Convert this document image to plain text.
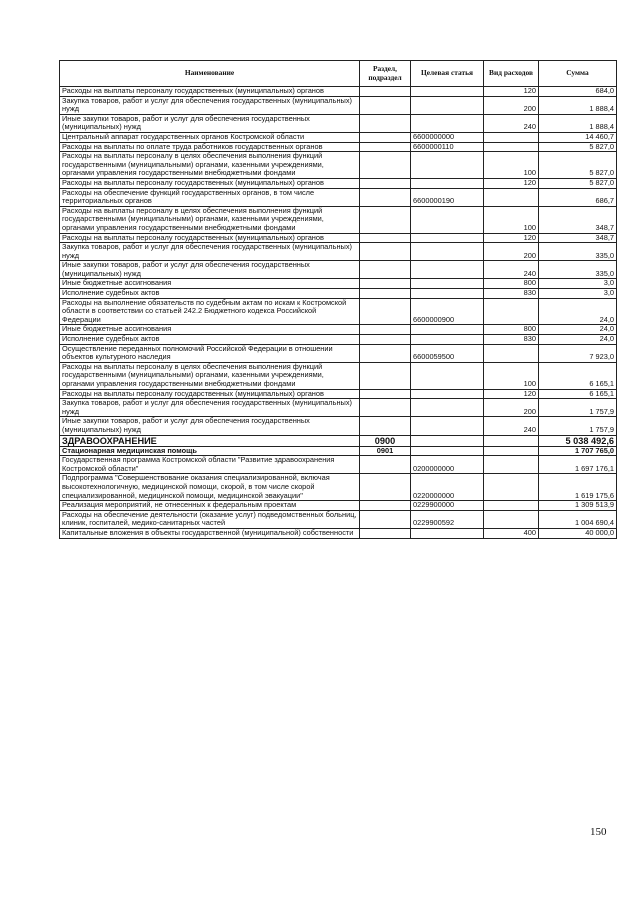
Наименование	Раздел, подраздел	Целевая статья	Вид расходов	Сумма
Расходы на выплаты персоналу государственных (муниципальных) органов			120	684,0
Закупка товаров, работ и услуг для обеспечения государственных (муниципальных) нужд			200	1 888,4
Иные закупки товаров, работ и услуг для обеспечения государственных (муниципальных) нужд			240	1 888,4
Центральный аппарат государственных органов Костромской области		6600000000		14 460,7
Расходы на выплаты по оплате труда работников государственных органов		6600000110		5 827,0
Расходы на выплаты персоналу в целях обеспечения выполнения функций государственными (муниципальными) органами, казенными учреждениями, органами управления государственными внебюджетными фондами			100	5 827,0
Расходы на выплаты персоналу государственных (муниципальных) органов			120	5 827,0
Расходы на обеспечение функций государственных органов, в том числе территориальных органов		6600000190		686,7
Расходы на выплаты персоналу в целях обеспечения выполнения функций государственными (муниципальными) органами, казенными учреждениями, органами управления государственными внебюджетными фондами			100	348,7
Расходы на выплаты персоналу государственных (муниципальных) органов			120	348,7
Закупка товаров, работ и услуг для обеспечения государственных (муниципальных) нужд			200	335,0
Иные закупки товаров, работ и услуг для обеспечения государственных (муниципальных) нужд			240	335,0
Иные бюджетные ассигнования			800	3,0
Исполнение судебных актов			830	3,0
Расходы на выполнение обязательств по судебным актам по искам к Костромской области в соответствии со статьей 242.2 Бюджетного кодекса Российской Федерации		6600000900		24,0
Иные бюджетные ассигнования			800	24,0
Исполнение судебных актов			830	24,0
Осуществление переданных полномочий Российской Федерации в отношении объектов культурного наследия		6600059500		7 923,0
Расходы на выплаты персоналу в целях обеспечения выполнения функций государственными (муниципальными) органами, казенными учреждениями, органами управления государственными внебюджетными фондами			100	6 165,1
Расходы на выплаты персоналу государственных (муниципальных) органов			120	6 165,1
Закупка товаров, работ и услуг для обеспечения государственных (муниципальных) нужд			200	1 757,9
Иные закупки товаров, работ и услуг для обеспечения государственных (муниципальных) нужд			240	1 757,9
ЗДРАВООХРАНЕНИЕ	0900			5 038 492,6
Стационарная медицинская помощь	0901			1 707 765,0
Государственная программа Костромской области "Развитие здравоохранения Костромской области"		0200000000		1 697 176,1
Подпрограмма "Совершенствование оказания специализированной, включая высокотехнологичную, медицинской помощи, скорой, в том числе скорой специализированной, медицинской помощи, медицинской эвакуации"		0220000000		1 619 175,6
Реализация мероприятий, не отнесенных к федеральным проектам		0229900000		1 309 513,9
Расходы на обеспечение деятельности (оказание услуг) подведомственных больниц, клиник, госпиталей, медико-санитарных частей		0229900592		1 004 690,4
Капитальные вложения в объекты государственной (муниципальной) собственности			400	40 000,0
150
